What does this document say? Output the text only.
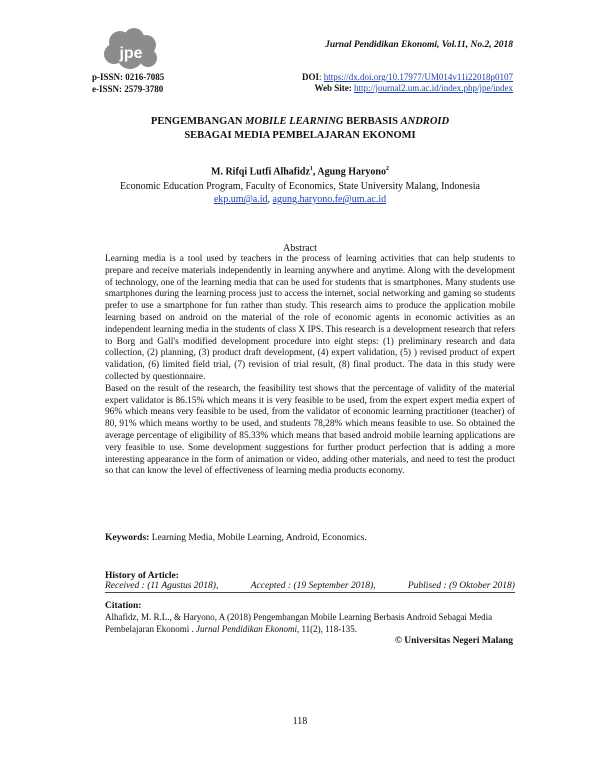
jpe
p-ISSN: 0216-7085
e-ISSN: 2579-3780
Jurnal Pendidikan Ekonomi, Vol.11, No.2, 2018
DOI: https://dx.doi.org/10.17977/UM014v11i22018p0107
Web Site: http://journal2.um.ac.id/index.php/jpe/index
PENGEMBANGAN MOBILE LEARNING BERBASIS ANDROID
SEBAGAI MEDIA PEMBELAJARAN EKONOMI
M. Rifqi Lutfi Alhafidz$^1$, Agung Haryono$^2$
Economic Education Program, Faculty of Economics, State University Malang, Indonesia
ekp.um@a.id, agung.haryono.fe@um.ac.id
Abstract

Learning media is a tool used by teachers in the process of learning activities that can help students to prepare and receive materials independently in learning anywhere and anytime. Along with the development of technology, one of the learning media that can be used for students that is smartphones. Many students use smartphones during the learning process just to access the internet, social networking and gaming so students prefer to use a smartphone for fun rather than study. This research aims to produce the application mobile learning based on android on the material of the role of economic agents in economic activities as an independent learning media in the students of class X IPS. This research is a development research that refers to Borg and Gall's modified development procedure into eight steps: (1) preliminary research and data collection, (2) planning, (3) product draft development, (4) expert validation, (5) ) revised product of expert validation, (6) limited field trial, (7) revision of trial result, (8) final product. The data in this study were collected by questionnaire.

Based on the result of the research, the feasibility test shows that the percentage of validity of the material expert validator is 86.15% which means it is very feasible to be used, from the expert expert media expert of 96% which means very feasible to be used, from the validator of economic learning practitioner (teacher) of 80, 91% which means worthy to be used, and students 78,28% which means feasible to use. So obtained the average percentage of eligibility of 85.33% which means that based android mobile learning applications are very feasible to use. Some development suggestions for further product perfection that is adding a more interesting appearance in the form of animation or video, adding other materials, and need to test the product so that can know the level of effectiveness of learning media products economy.

Keywords: Learning Media, Mobile Learning, Android, Economics.
History of Article:
Received : (11 Agustus 2018),	Accepted : (19 September 2018),	Publised : (9 Oktober 2018)
Citation:
Alhafidz, M. R.L., & Haryono, A (2018) Pengembangan Mobile Learning Berbasis Android Sebagai Media Pembelajaran Ekonomi . Jurnal Pendidikan Ekonomi, 11(2), 118-135.
© Universitas Negeri Malang
118
